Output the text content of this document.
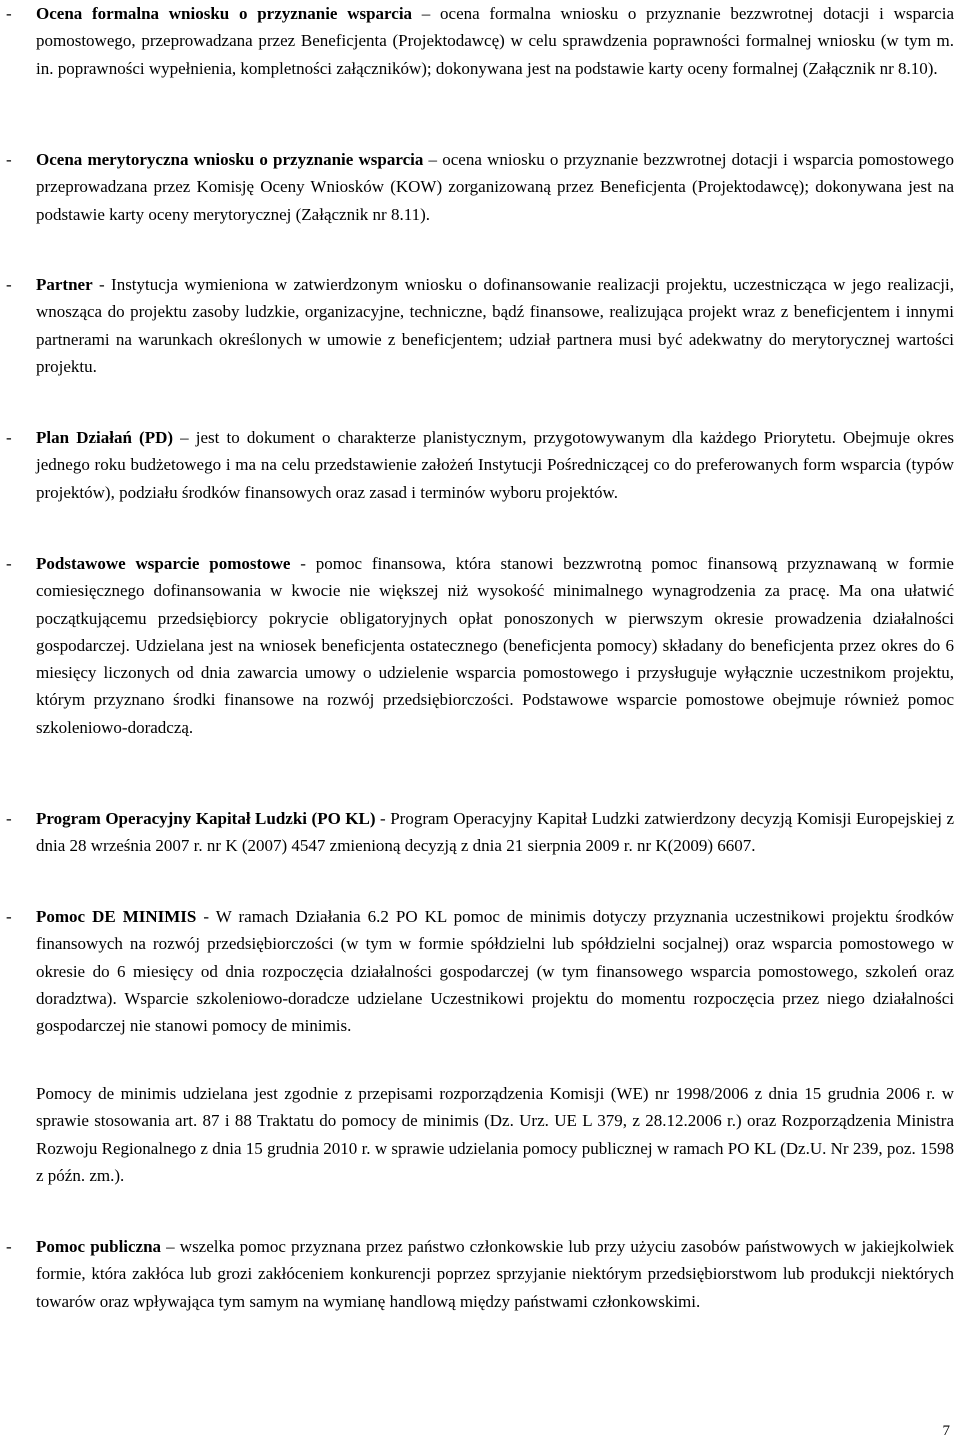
- Ocena formalna wniosku o przyznanie wsparcia – ocena formalna wniosku o przyznanie bezzwrotnej dotacji i wsparcia pomostowego, przeprowadzana przez Beneficjenta (Projektodawcę) w celu sprawdzenia poprawności formalnej wniosku (w tym m. in. poprawności wypełnienia, kompletności załączników); dokonywana jest na podstawie karty oceny formalnej (Załącznik nr 8.10).
- Ocena merytoryczna wniosku o przyznanie wsparcia – ocena wniosku o przyznanie bezzwrotnej dotacji i wsparcia pomostowego przeprowadzana przez Komisję Oceny Wniosków (KOW) zorganizowaną przez Beneficjenta (Projektodawcę); dokonywana jest na podstawie karty oceny merytorycznej (Załącznik nr 8.11).
- Partner - Instytucja wymieniona w zatwierdzonym wniosku o dofinansowanie realizacji projektu, uczestnicząca w jego realizacji, wnosząca do projektu zasoby ludzkie, organizacyjne, techniczne, bądź finansowe, realizująca projekt wraz z beneficjentem i innymi partnerami na warunkach określonych w umowie z beneficjentem; udział partnera musi być adekwatny do merytorycznej wartości projektu.
- Plan Działań (PD) – jest to dokument o charakterze planistycznym, przygotowywanym dla każdego Priorytetu. Obejmuje okres jednego roku budżetowego i ma na celu przedstawienie założeń Instytucji Pośredniczącej co do preferowanych form wsparcia (typów projektów), podziału środków finansowych oraz zasad i terminów wyboru projektów.
- Podstawowe wsparcie pomostowe - pomoc finansowa, która stanowi bezzwrotną pomoc finansową przyznawaną w formie comiesięcznego dofinansowania w kwocie nie większej niż wysokość minimalnego wynagrodzenia za pracę. Ma ona ułatwić początkującemu przedsiębiorcy pokrycie obligatoryjnych opłat ponoszonych w pierwszym okresie prowadzenia działalności gospodarczej. Udzielana jest na wniosek beneficjenta ostatecznego (beneficjenta pomocy) składany do beneficjenta przez okres do 6 miesięcy liczonych od dnia zawarcia umowy o udzielenie wsparcia pomostowego i przysługuje wyłącznie uczestnikom projektu, którym przyznano środki finansowe na rozwój przedsiębiorczości. Podstawowe wsparcie pomostowe obejmuje również pomoc szkoleniowo-doradczą.
- Program Operacyjny Kapitał Ludzki (PO KL) - Program Operacyjny Kapitał Ludzki zatwierdzony decyzją Komisji Europejskiej z dnia 28 września 2007 r. nr K (2007) 4547 zmienioną decyzją z dnia 21 sierpnia 2009 r. nr K(2009) 6607.
- Pomoc DE MINIMIS - W ramach Działania 6.2 PO KL pomoc de minimis dotyczy przyznania uczestnikowi projektu środków finansowych na rozwój przedsiębiorczości (w tym w formie spółdzielni lub spółdzielni socjalnej) oraz wsparcia pomostowego w okresie do 6 miesięcy od dnia rozpoczęcia działalności gospodarczej (w tym finansowego wsparcia pomostowego, szkoleń oraz doradztwa). Wsparcie szkoleniowo-doradcze udzielane Uczestnikowi projektu do momentu rozpoczęcia przez niego działalności gospodarczej nie stanowi pomocy de minimis.
Pomocy de minimis udzielana jest zgodnie z przepisami rozporządzenia Komisji (WE) nr 1998/2006 z dnia 15 grudnia 2006 r. w sprawie stosowania art. 87 i 88 Traktatu do pomocy de minimis (Dz. Urz. UE L 379, z 28.12.2006 r.) oraz Rozporządzenia Ministra Rozwoju Regionalnego z dnia 15 grudnia 2010 r. w sprawie udzielania pomocy publicznej w ramach PO KL (Dz.U. Nr 239, poz. 1598 z późn. zm.).
- Pomoc publiczna – wszelka pomoc przyznana przez państwo członkowskie lub przy użyciu zasobów państwowych w jakiejkolwiek formie, która zakłóca lub grozi zakłóceniem konkurencji poprzez sprzyjanie niektórym przedsiębiorstwom lub produkcji niektórych towarów oraz wpływająca tym samym na wymianę handlową między państwami członkowskimi.
7
